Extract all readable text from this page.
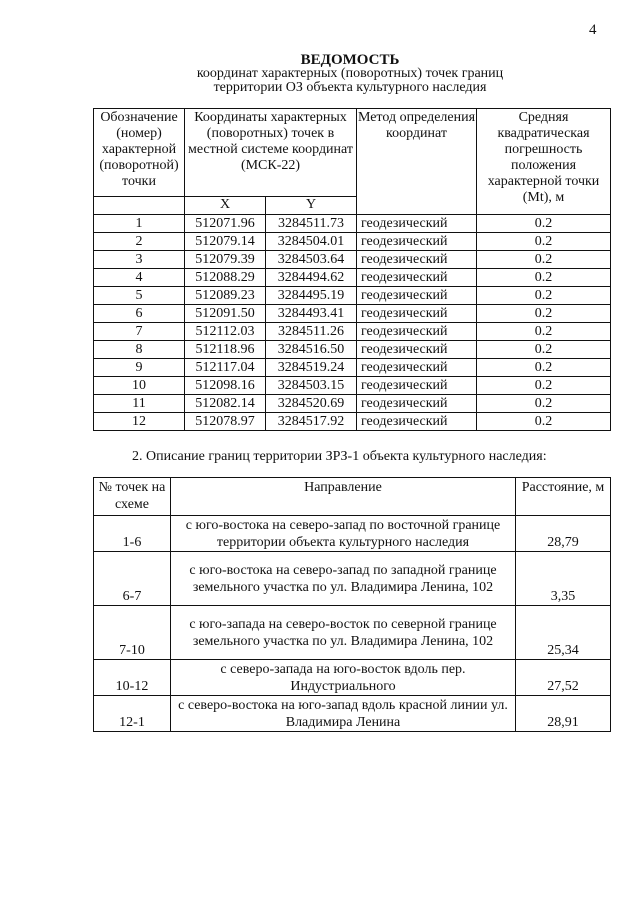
4
ВЕДОМОСТЬ
координат характерных (поворотных) точек границ
территории ОЗ объекта культурного наследия
Обозначение (номер) характерной (поворотной) точки	Координаты характерных (поворотных) точек в местной системе координат (МСК-22)		Метод определения координат	Средняя квадратическая погрешность положения характерной точки (Mt), м
	X	Y		
1	512071.96	3284511.73	геодезический	0.2
2	512079.14	3284504.01	геодезический	0.2
3	512079.39	3284503.64	геодезический	0.2
4	512088.29	3284494.62	геодезический	0.2
5	512089.23	3284495.19	геодезический	0.2
6	512091.50	3284493.41	геодезический	0.2
7	512112.03	3284511.26	геодезический	0.2
8	512118.96	3284516.50	геодезический	0.2
9	512117.04	3284519.24	геодезический	0.2
10	512098.16	3284503.15	геодезический	0.2
11	512082.14	3284520.69	геодезический	0.2
12	512078.97	3284517.92	геодезический	0.2
2. Описание границ территории ЗРЗ-1 объекта культурного наследия:
№ точек на схеме	Направление	Расстояние, м
1-6	с юго-востока на северо-запад по восточной границе территории объекта культурного наследия	28,79
6-7	с юго-востока на северо-запад по западной границе земельного участка по ул. Владимира Ленина, 102	3,35
7-10	с юго-запада на северо-восток по северной границе земельного участка по ул. Владимира Ленина, 102	25,34
10-12	с северо-запада на юго-восток вдоль пер. Индустриального	27,52
12-1	с северо-востока на юго-запад вдоль красной линии ул. Владимира Ленина	28,91
